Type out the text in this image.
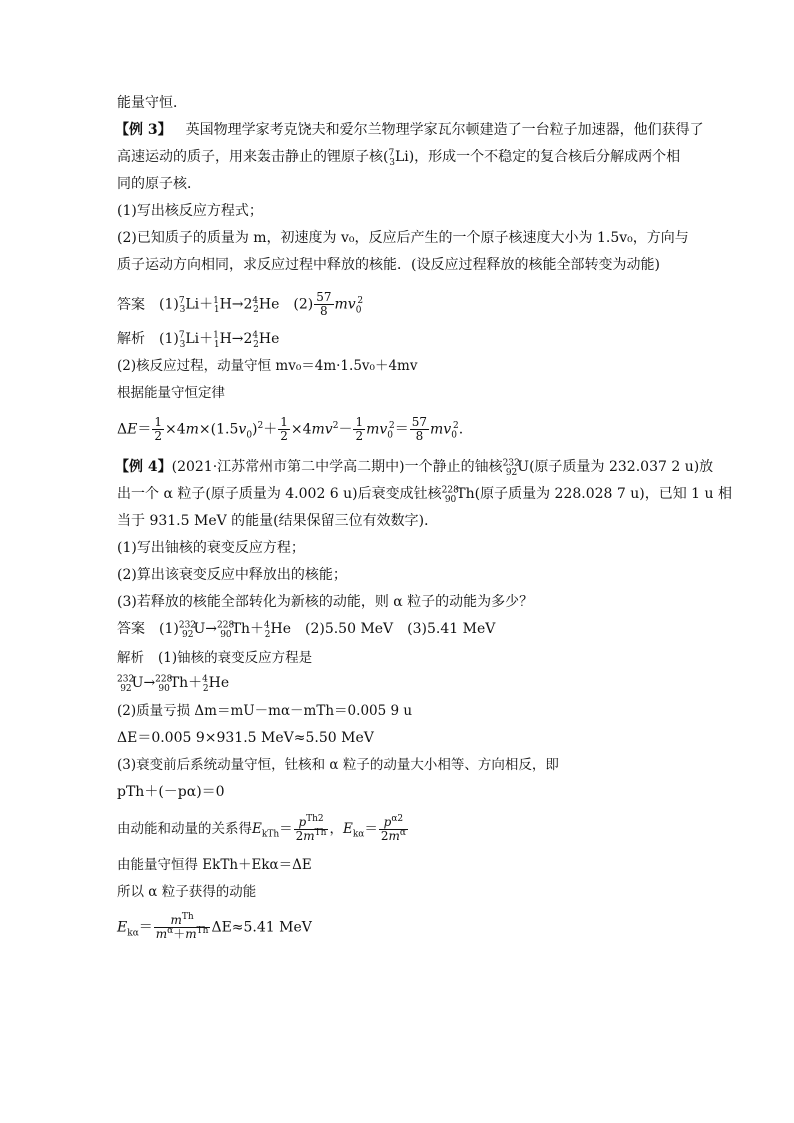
能量守恒．
【例 3】 英国物理学家考克饶夫和爱尔兰物理学家瓦尔顿建造了一台粒子加速器，他们获得了
高速运动的质子，用来轰击静止的锂原子核($^7_3$Li)，形成一个不稳定的复合核后分解成两个相
同的原子核．
(1)写出核反应方程式；
(2)已知质子的质量为 m，初速度为 v₀，反应后产生的一个原子核速度大小为 1.5v₀，方向与
质子运动方向相同，求反应过程中释放的核能．(设反应过程释放的核能全部转变为动能)
答案 $(1)^7_3Li+^1_1H\to 2^4_2He$　$(2) \frac{57}{8} mv_0^2$
解析 $(1)^7_3Li+^1_1H\to 2^4_2He$
(2)核反应过程，动量守恒 mv₀＝4m·1.5v₀＋4mv
根据能量守恒定律
$\Delta E= \frac{1}{2} \times 4m\times(1.5v_0)^2+ \frac{1}{2} \times 4mv^2- \frac{1}{2} mv_0^2= \frac{57}{8} mv_0^2$.
【例 4】(2021·江苏常州市第二中学高二期中)一个静止的铀核$^{232}_{92}$U(原子质量为 232.037 2 u)放
出一个 α 粒子(原子质量为 4.002 6 u)后衰变成钍核$^{228}_{90}$Th(原子质量为 228.028 7 u)，已知 1 u 相
当于 931.5 MeV 的能量(结果保留三位有效数字)．
(1)写出铀核的衰变反应方程；
(2)算出该衰变反应中释放出的核能；
(3)若释放的核能全部转化为新核的动能，则 α 粒子的动能为多少？
答案 $(1)^{232}_{92}U\to^{228}_{90}Th+^4_2He$　(2)5.50 MeV　(3)5.41 MeV
解析 (1)铀核的衰变反应方程是
$^{232}_{92}$U→$^{228}_{90}$Th＋$^4_2$He
(2)质量亏损 Δm＝mU－mα－mTh＝0.005 9 u
ΔE＝0.005 9×931.5 MeV≈5.50 MeV
(3)衰变前后系统动量守恒，钍核和 α 粒子的动量大小相等、方向相反，即
pTh＋(－pα)＝0
由动能和动量的关系得$E_{kTh}= \frac{p^{Th2}}{2m^{Th}}$ ，$E_{k\alpha}= \frac{p^{\alpha 2}}{2m^\alpha}$
由能量守恒得 EkTh＋Ekα＝ΔE
所以 α 粒子获得的动能
$E_{k\alpha}= \frac{m^{Th}}{m^\alpha+m^{Th}} \Delta E\approx 5.41$ MeV
